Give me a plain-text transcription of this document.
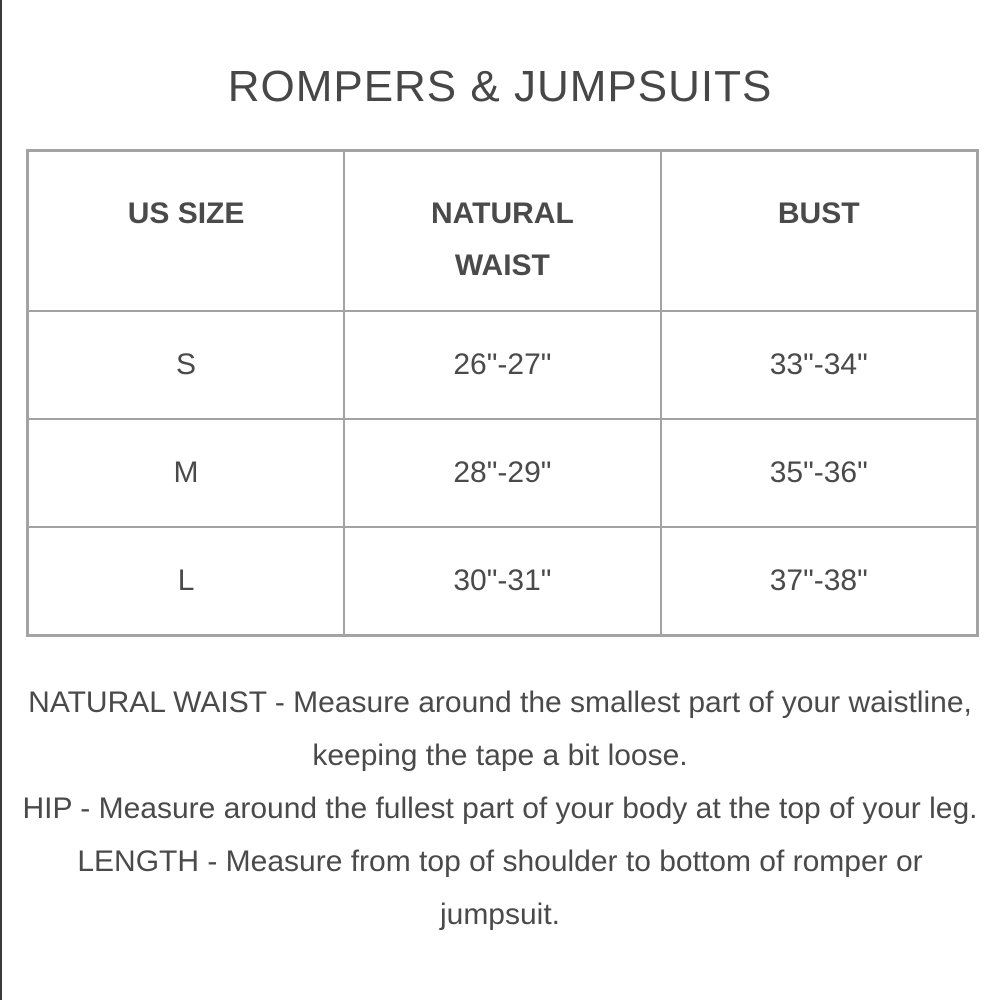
ROMPERS & JUMPSUITS
US SIZE	NATURAL WAIST	BUST
S	26"-27"	33"-34"
M	28"-29"	35"-36"
L	30"-31"	37"-38"

NATURAL WAIST - Measure around the smallest part of your waistline, keeping the tape a bit loose.

HIP - Measure around the fullest part of your body at the top of your leg.

LENGTH - Measure from top of shoulder to bottom of romper or jumpsuit.
